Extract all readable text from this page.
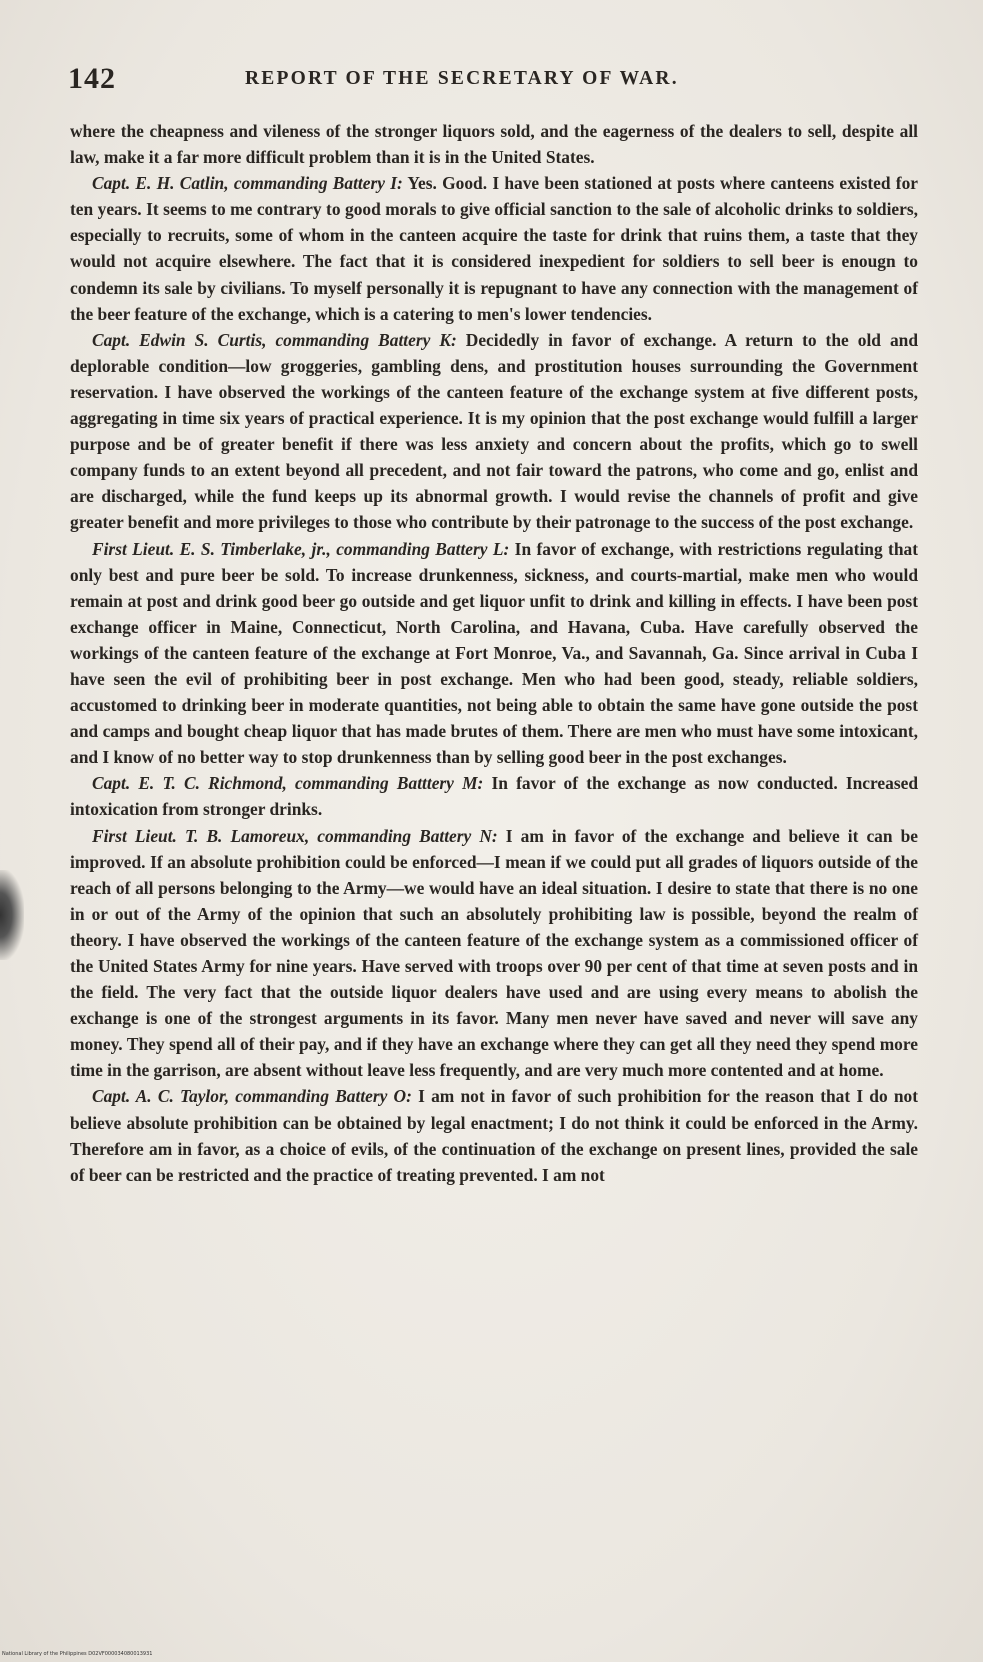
142	REPORT OF THE SECRETARY OF WAR.

where the cheapness and vileness of the stronger liquors sold, and the eagerness of the dealers to sell, despite all law, make it a far more difficult problem than it is in the United States.

Capt. E. H. Catlin, commanding Battery I: Yes. Good. I have been stationed at posts where canteens existed for ten years. It seems to me contrary to good morals to give official sanction to the sale of alcoholic drinks to soldiers, especially to recruits, some of whom in the canteen acquire the taste for drink that ruins them, a taste that they would not acquire elsewhere. The fact that it is considered inexpedient for soldiers to sell beer is enougn to condemn its sale by civilians. To myself personally it is repugnant to have any connection with the management of the beer feature of the exchange, which is a catering to men's lower tendencies.

Capt. Edwin S. Curtis, commanding Battery K: Decidedly in favor of exchange. A return to the old and deplorable condition—low groggeries, gambling dens, and prostitution houses surrounding the Government reservation. I have observed the workings of the canteen feature of the exchange system at five different posts, aggregating in time six years of practical experience. It is my opinion that the post exchange would fulfill a larger purpose and be of greater benefit if there was less anxiety and concern about the profits, which go to swell company funds to an extent beyond all precedent, and not fair toward the patrons, who come and go, enlist and are discharged, while the fund keeps up its abnormal growth. I would revise the channels of profit and give greater benefit and more privileges to those who contribute by their patronage to the success of the post exchange.

First Lieut. E. S. Timberlake, jr., commanding Battery L: In favor of exchange, with restrictions regulating that only best and pure beer be sold. To increase drunkenness, sickness, and courts-martial, make men who would remain at post and drink good beer go outside and get liquor unfit to drink and killing in effects. I have been post exchange officer in Maine, Connecticut, North Carolina, and Havana, Cuba. Have carefully observed the workings of the canteen feature of the exchange at Fort Monroe, Va., and Savannah, Ga. Since arrival in Cuba I have seen the evil of prohibiting beer in post exchange. Men who had been good, steady, reliable soldiers, accustomed to drinking beer in moderate quantities, not being able to obtain the same have gone outside the post and camps and bought cheap liquor that has made brutes of them. There are men who must have some intoxicant, and I know of no better way to stop drunkenness than by selling good beer in the post exchanges.

Capt. E. T. C. Richmond, commanding Batttery M: In favor of the exchange as now conducted. Increased intoxication from stronger drinks.

First Lieut. T. B. Lamoreux, commanding Battery N: I am in favor of the exchange and believe it can be improved. If an absolute prohibition could be enforced—I mean if we could put all grades of liquors outside of the reach of all persons belonging to the Army—we would have an ideal situation. I desire to state that there is no one in or out of the Army of the opinion that such an absolutely prohibiting law is possible, beyond the realm of theory. I have observed the workings of the canteen feature of the exchange system as a commissioned officer of the United States Army for nine years. Have served with troops over 90 per cent of that time at seven posts and in the field. The very fact that the outside liquor dealers have used and are using every means to abolish the exchange is one of the strongest arguments in its favor. Many men never have saved and never will save any money. They spend all of their pay, and if they have an exchange where they can get all they need they spend more time in the garrison, are absent without leave less frequently, and are very much more contented and at home.

Capt. A. C. Taylor, commanding Battery O: I am not in favor of such prohibition for the reason that I do not believe absolute prohibition can be obtained by legal enactment; I do not think it could be enforced in the Army. Therefore am in favor, as a choice of evils, of the continuation of the exchange on present lines, provided the sale of beer can be restricted and the practice of treating prevented. I am not

National Library of the Philippines D02VF000034080013931
